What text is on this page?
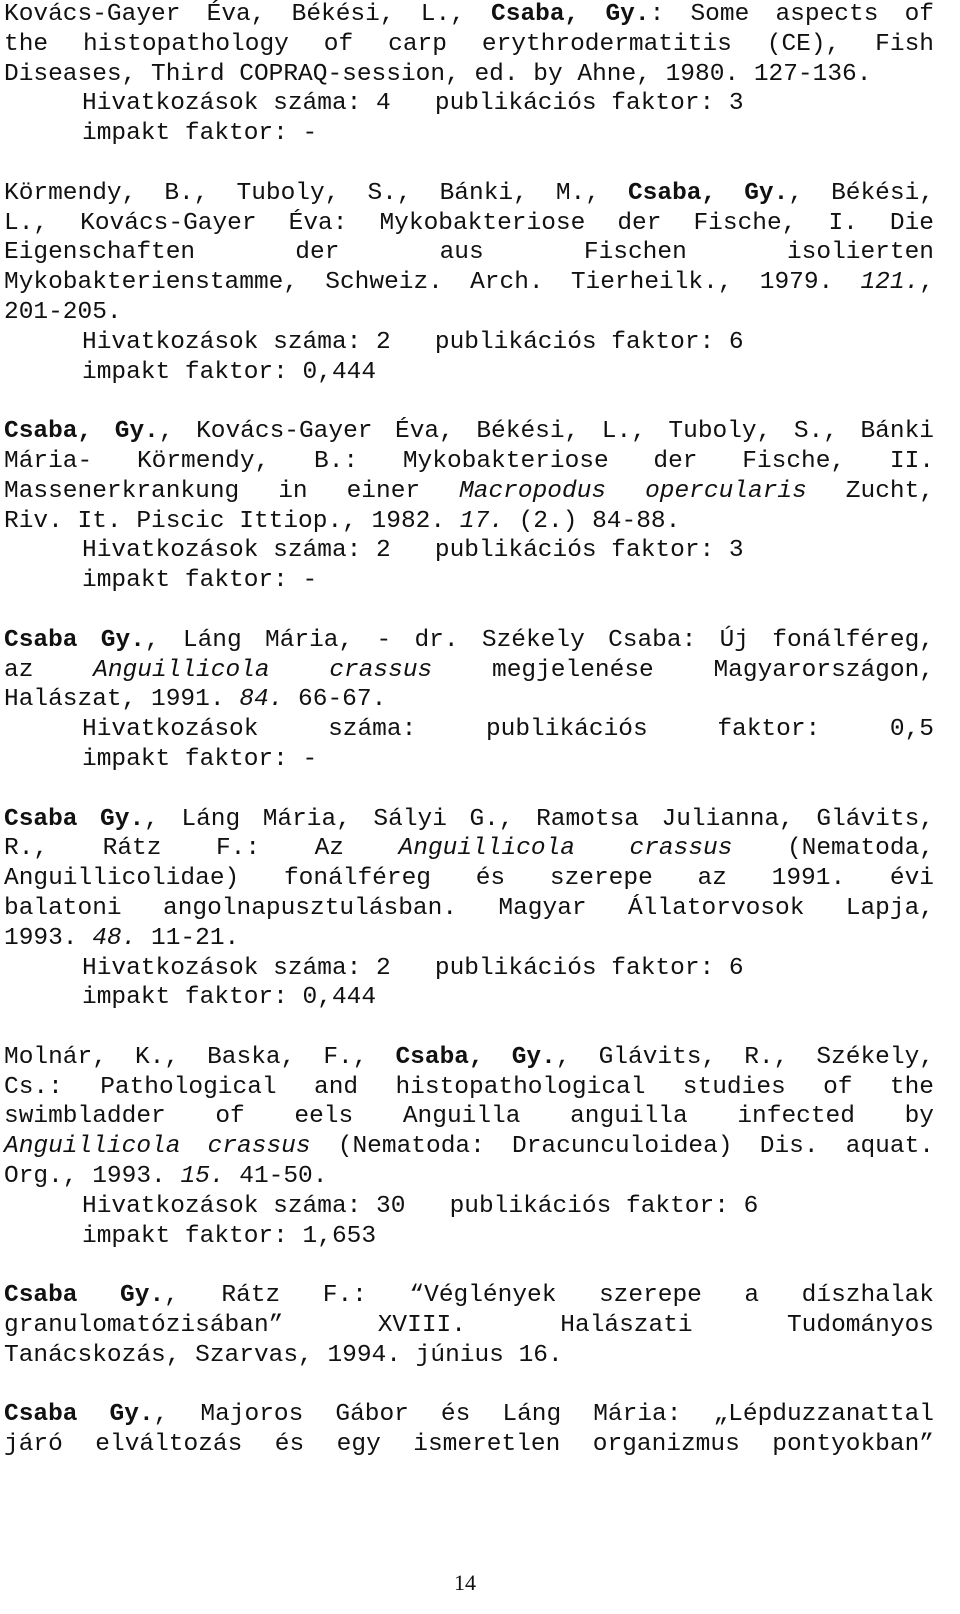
Kovács-Gayer Éva, Békési, L., Csaba, Gy.: Some aspects of
the histopathology of carp erythrodermatitis (CE), Fish
Diseases, Third COPRAQ-session, ed. by Ahne, 1980. 127-136.
Hivatkozások száma: 4 publikációs faktor: 3
impakt faktor: -
Körmendy, B., Tuboly, S., Bánki, M., Csaba, Gy., Békési,
L., Kovács-Gayer Éva: Mykobakteriose der Fische, I. Die
Eigenschaften der aus Fischen isolierten
Mykobakterienstamme, Schweiz. Arch. Tierheilk., 1979. 121.,
201-205.
Hivatkozások száma: 2 publikációs faktor: 6
impakt faktor: 0,444
Csaba, Gy., Kovács-Gayer Éva, Békési, L., Tuboly, S., Bánki
Mária- Körmendy, B.: Mykobakteriose der Fische, II.
Massenerkrankung in einer Macropodus opercularis Zucht,
Riv. It. Piscic Ittiop., 1982. 17. (2.) 84-88.
Hivatkozások száma: 2 publikációs faktor: 3
impakt faktor: -
Csaba Gy., Láng Mária, - dr. Székely Csaba: Új fonálféreg,
az Anguillicola crassus megjelenése Magyarországon,
Halászat, 1991. 84. 66-67.
Hivatkozások száma:	publikációs faktor: 0,5
impakt faktor: -
Csaba Gy., Láng Mária, Sályi G., Ramotsa Julianna, Glávits,
R., Rátz F.: Az Anguillicola crassus (Nematoda,
Anguillicolidae) fonálféreg és szerepe az 1991. évi
balatoni angolnapusztulásban. Magyar Állatorvosok Lapja,
1993. 48. 11-21.
Hivatkozások száma: 2 publikációs faktor: 6
impakt faktor: 0,444
Molnár, K., Baska, F., Csaba, Gy., Glávits, R., Székely,
Cs.: Pathological and histopathological studies of the
swimbladder of eels Anguilla anguilla infected by
Anguillicola crassus (Nematoda: Dracunculoidea) Dis. aquat.
Org., 1993. 15. 41-50.
Hivatkozások száma: 30 publikációs faktor: 6
impakt faktor: 1,653
Csaba Gy., Rátz F.: “Véglények szerepe a díszhalak
granulomatózisában” XVIII. Halászati Tudományos
Tanácskozás, Szarvas, 1994. június 16.
Csaba Gy., Majoros Gábor és Láng Mária: „Lépduzzanattal
járó elváltozás és egy ismeretlen organizmus pontyokban”
14
